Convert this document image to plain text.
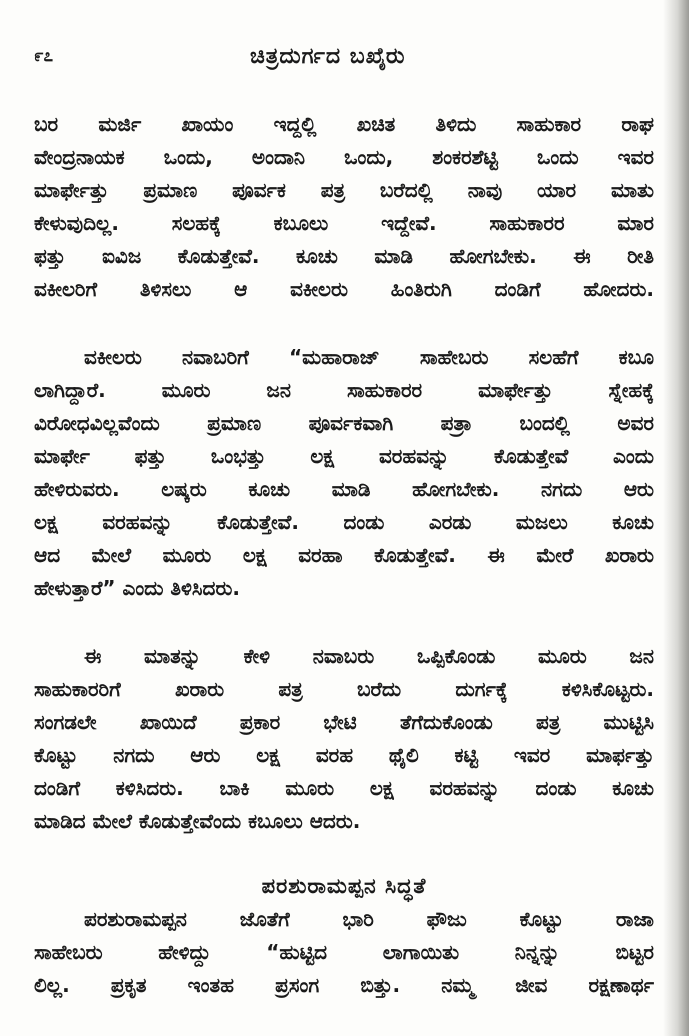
೯೭	ಚಿತ್ರದುರ್ಗದ ಬಖೈರು
ಬರ ಮರ್ಜಿ ಖಾಯಂ ಇದ್ದಲ್ಲಿ ಖಚಿತ ತಿಳಿದು ಸಾಹುಕಾರ ರಾಘ
ವೇಂದ್ರನಾಯಕ ಒಂದು, ಅಂದಾನಿ ಒಂದು, ಶಂಕರಶೆಟ್ಟಿ ಒಂದು ಇವರ
ಮಾರ್ಫೇತ್ತು ಪ್ರಮಾಣ ಪೂರ್ವಕ ಪತ್ರ ಬರೆದಲ್ಲಿ ನಾವು ಯಾರ ಮಾತು
ಕೇಳುವುದಿಲ್ಲ. ಸಲಹಕ್ಕೆ ಕಬೂಲು ಇದ್ದೇವೆ. ಸಾಹುಕಾರರ ಮಾರ
ಫತ್ತು ಐವಿಜ ಕೊಡುತ್ತೇವೆ. ಕೂಚು ಮಾಡಿ ಹೋಗಬೇಕು. ಈ ರೀತಿ
ವಕೀಲರಿಗೆ ತಿಳಿಸಲು ಆ ವಕೀಲರು ಹಿಂತಿರುಗಿ ದಂಡಿಗೆ ಹೋದರು.
ವಕೀಲರು ನವಾಬರಿಗೆ “ಮಹಾರಾಜ್ ಸಾಹೇಬರು ಸಲಹೆಗೆ ಕಬೂ
ಲಾಗಿದ್ದಾರೆ. ಮೂರು ಜನ ಸಾಹುಕಾರರ ಮಾರ್ಫೇತ್ತು ಸ್ನೇಹಕ್ಕೆ
ವಿರೋಧವಿಲ್ಲವೆಂದು ಪ್ರಮಾಣ ಪೂರ್ವಕವಾಗಿ ಪತ್ರಾ ಬಂದಲ್ಲಿ ಅವರ
ಮಾರ್ಫೇ ಫತ್ತು ಒಂಭತ್ತು ಲಕ್ಷ ವರಹವನ್ನು ಕೊಡುತ್ತೇವೆ ಎಂದು
ಹೇಳಿರುವರು. ಲಷ್ಕರು ಕೂಚು ಮಾಡಿ ಹೋಗಬೇಕು. ನಗದು ಆರು
ಲಕ್ಷ ವರಹವನ್ನು ಕೊಡುತ್ತೇವೆ. ದಂಡು ಎರಡು ಮಜಲು ಕೂಚು
ಆದ ಮೇಲೆ ಮೂರು ಲಕ್ಷ ವರಹಾ ಕೊಡುತ್ತೇವೆ. ಈ ಮೇರೆ ಖರಾರು
ಹೇಳುತ್ತಾರೆ” ಎಂದು ತಿಳಿಸಿದರು.
ಈ ಮಾತನ್ನು ಕೇಳಿ ನವಾಬರು ಒಪ್ಪಿಕೊಂಡು ಮೂರು ಜನ
ಸಾಹುಕಾರರಿಗೆ ಖರಾರು ಪತ್ರ ಬರೆದು ದುರ್ಗಕ್ಕೆ ಕಳಿಸಿಕೊಟ್ಟರು.
ಸಂಗಡಲೇ ಖಾಯಿದೆ ಪ್ರಕಾರ ಭೇಟಿ ತೆಗೆದುಕೊಂಡು ಪತ್ರ ಮುಟ್ಟಿಸಿ
ಕೊಟ್ಟು ನಗದು ಆರು ಲಕ್ಷ ವರಹ ಥೈಲಿ ಕಟ್ಟಿ ಇವರ ಮಾರ್ಫತ್ತು
ದಂಡಿಗೆ ಕಳಿಸಿದರು. ಬಾಕಿ ಮೂರು ಲಕ್ಷ ವರಹವನ್ನು ದಂಡು ಕೂಚು
ಮಾಡಿದ ಮೇಲೆ ಕೊಡುತ್ತೇವೆಂದು ಕಬೂಲು ಆದರು.
ಪರಶುರಾಮಪ್ಪನ ಸಿದ್ಧತೆ
ಪರಶುರಾಮಪ್ಪನ ಜೊತೆಗೆ ಭಾರಿ ಫೌಜು ಕೊಟ್ಟು ರಾಜಾ
ಸಾಹೇಬರು ಹೇಳಿದ್ದು “ಹುಟ್ಟಿದ ಲಾಗಾಯಿತು ನಿನ್ನನ್ನು ಬಿಟ್ಟರ
ಲಿಲ್ಲ. ಪ್ರಕೃತ ಇಂತಹ ಪ್ರಸಂಗ ಬಿತ್ತು. ನಮ್ಮ ಜೀವ ರಕ್ಷಣಾರ್ಥ
